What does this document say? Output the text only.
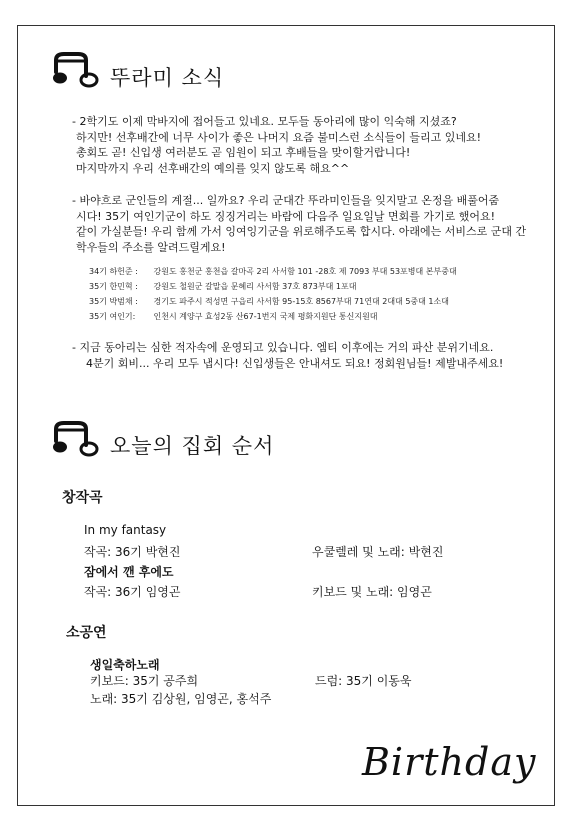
뚜라미 소식
- 2학기도 이제 막바지에 접어들고 있네요. 모두들 동아리에 많이 익숙해 지셨죠?
하지만! 선후배간에 너무 사이가 좋은 나머지 요즘 불미스런 소식들이 들리고 있네요!
총회도 곧! 신입생 여러분도 곧 임원이 되고 후배들을 맞이할거랍니다!
마지막까지 우리 선후배간의 예의를 잊지 않도록 해요^^
- 바야흐로 군인들의 계절... 일까요? 우리 군대간 뚜라미인들을 잊지말고 온정을 배풀어줌
시다! 35기 여인기군이 하도 징징거리는 바람에 다음주 일요일날 면회를 가기로 했어요!
같이 가실분들! 우리 함께 가서 잉여잉기군을 위로해주도록 합시다. 아래에는 서비스로 군대 간
학우들의 주소를 알려드릴게요!
34기 하헌준 : 강원도 홍천군 홍천읍 갈마곡 2리 사서함 101 -28호 제 7093 부대 53포병대 본부중대
35기 한민혁 : 강원도 철원군 갈말읍 문혜리 사서함 37호 873부대 1포대
35기 박범채 : 경기도 파주시 적성면 구읍리 사서함 95-15호 8567부대 71연대 2대대 5중대 1소대
35기 여인기: 인천시 계양구 효성2동 산67-1번지 국제 평화지원단 통신지원대
- 지금 동아리는 심한 적자속에 운영되고 있습니다. 엠티 이후에는 거의 파산 분위기네요.
4분기 회비... 우리 모두 냅시다! 신입생들은 안내셔도 되요! 정회원님들! 제발내주세요!
오늘의 집회 순서
창작곡
In my fantasy
작곡: 36기 박현진	우쿨렐레 및 노래: 박현진
잠에서 깬 후에도
작곡: 36기 임영곤	키보드 및 노래: 임영곤
소공연
생일축하노래
키보드: 35기 공주희	드럼: 35기 이동욱
노래: 35기 김상원, 임영곤, 홍석주
Birthday
